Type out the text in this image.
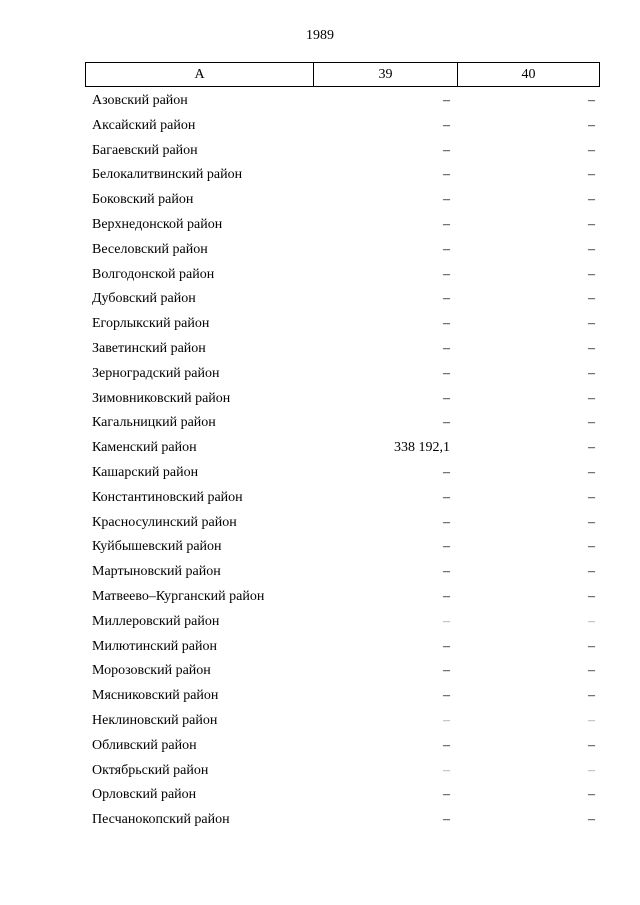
1989
А	39	40
Азовский район	–	–
Аксайский район	–	–
Багаевский район	–	–
Белокалитвинский район	–	–
Боковский район	–	–
Верхнедонской район	–	–
Веселовский район	–	–
Волгодонской район	–	–
Дубовский район	–	–
Егорлыкский район	–	–
Заветинский район	–	–
Зерноградский район	–	–
Зимовниковский район	–	–
Кагальницкий район	–	–
Каменский район	338 192,1	–
Кашарский район	–	–
Константиновский район	–	–
Красносулинский район	–	–
Куйбышевский район	–	–
Мартыновский район	–	–
Матвеево–Курганский район	–	–
Миллеровский район	–	–
Милютинский район	–	–
Морозовский район	–	–
Мясниковский район	–	–
Неклиновский район	–	–
Обливский район	–	–
Октябрьский район	–	–
Орловский район	–	–
Песчанокопский район	–	–
